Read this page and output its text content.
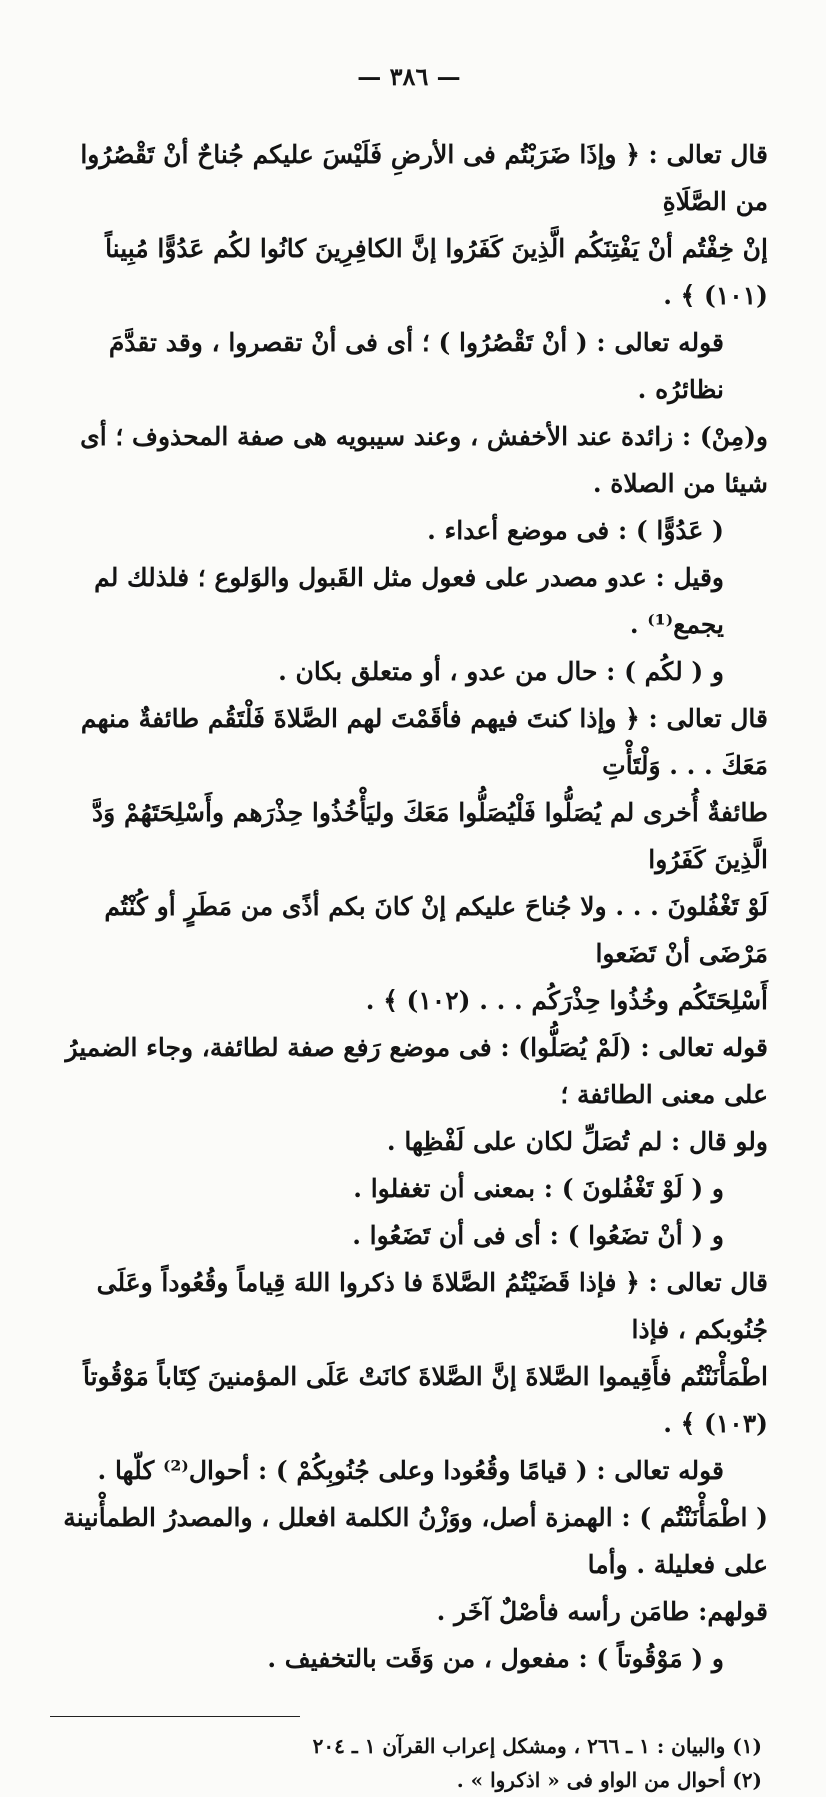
— ٣٨٦ —

قال تعالى : ﴿ وإذَا ضَرَبْتُم فى الأرضِ فَلَيْسَ عليكم جُناحٌ أنْ تَقْصُرُوا من الصَّلَاةِ

إنْ خِفْتُم أنْ يَفْتِنَكُم الَّذِينَ كَفَرُوا إنَّ الكافِرِينَ كانُوا لكُم عَدُوًّا مُبِيناً (١٠١) ﴾ .

قوله تعالى : ( أنْ تَقْصُرُوا ) ؛ أى فى أنْ تقصروا ، وقد تقدَّمَ نظائرُه .

و(مِنْ) : زائدة عند الأخفش ، وعند سيبويه هى صفة المحذوف ؛ أى شيئا من الصلاة .

( عَدُوًّا ) : فى موضع أعداء .

وقيل : عدو مصدر على فعول مثل القَبول والوَلوع ؛ فلذلك لم يجمع⁽¹⁾ .

و ( لكُم ) : حال من عدو ، أو متعلق بكان .

قال تعالى : ﴿ وإذا كنتَ فيهم فأقَمْتَ لهم الصَّلاةَ فَلْتَقُم طائفةٌ منهم مَعَكَ . . . وَلْتَأْتِ

طائفةٌ أُخرى لم يُصَلُّوا فَلْيُصَلُّوا مَعَكَ وليَأْخُذُوا حِذْرَهم وأَسْلِحَتَهُمْ وَدَّ الَّذِينَ كَفَرُوا

لَوْ تَغْفُلونَ . . . ولا جُناحَ عليكم إنْ كانَ بكم أذًى من مَطَرٍ أو كُنْتُم مَرْضَى أنْ تَضَعوا

أَسْلِحَتَكُم وخُذُوا حِذْرَكُم . . . (١٠٢) ﴾ .

قوله تعالى : (لَمْ يُصَلُّوا) : فى موضع رَفع صفة لطائفة، وجاء الضميرُ على معنى الطائفة ؛

ولو قال : لم تُصَلِّ لكان على لَفْظِها .

و ( لَوْ تَغْفُلونَ ) : بمعنى أن تغفلوا .

و ( أنْ تضَعُوا ) : أى فى أن تَضَعُوا .

قال تعالى : ﴿ فإذا قَضَيْتُمُ الصَّلاةَ فا ذكروا اللهَ قِياماً وقُعُوداً وعَلَى جُنُوبكم ، فإذا

اطْمَأْنَنْتُم فأَقِيموا الصَّلاةَ إنَّ الصَّلاةَ كانَتْ عَلَى المؤمنينَ كِتَاباً مَوْقُوتاً (١٠٣) ﴾ .

قوله تعالى : ( قيامًا وقُعُودا وعلى جُنُوبِكُمْ ) : أحوال⁽²⁾ كلّها .

( اطْمَأْنَنْتُم ) : الهمزة أصل، ووَزْنُ الكلمة افعلل ، والمصدرُ الطمأْنينة على فعليلة . وأما

قولهم: طامَن رأسه فأصْلٌ آخَر .

و ( مَوْقُوتاً ) : مفعول ، من وَقَت بالتخفيف .

(١) والبيان : ١ ـ ٢٦٦ ، ومشكل إعراب القرآن ١ ـ ٢٠٤

(٢) أحوال من الواو فى « اذكروا » .
